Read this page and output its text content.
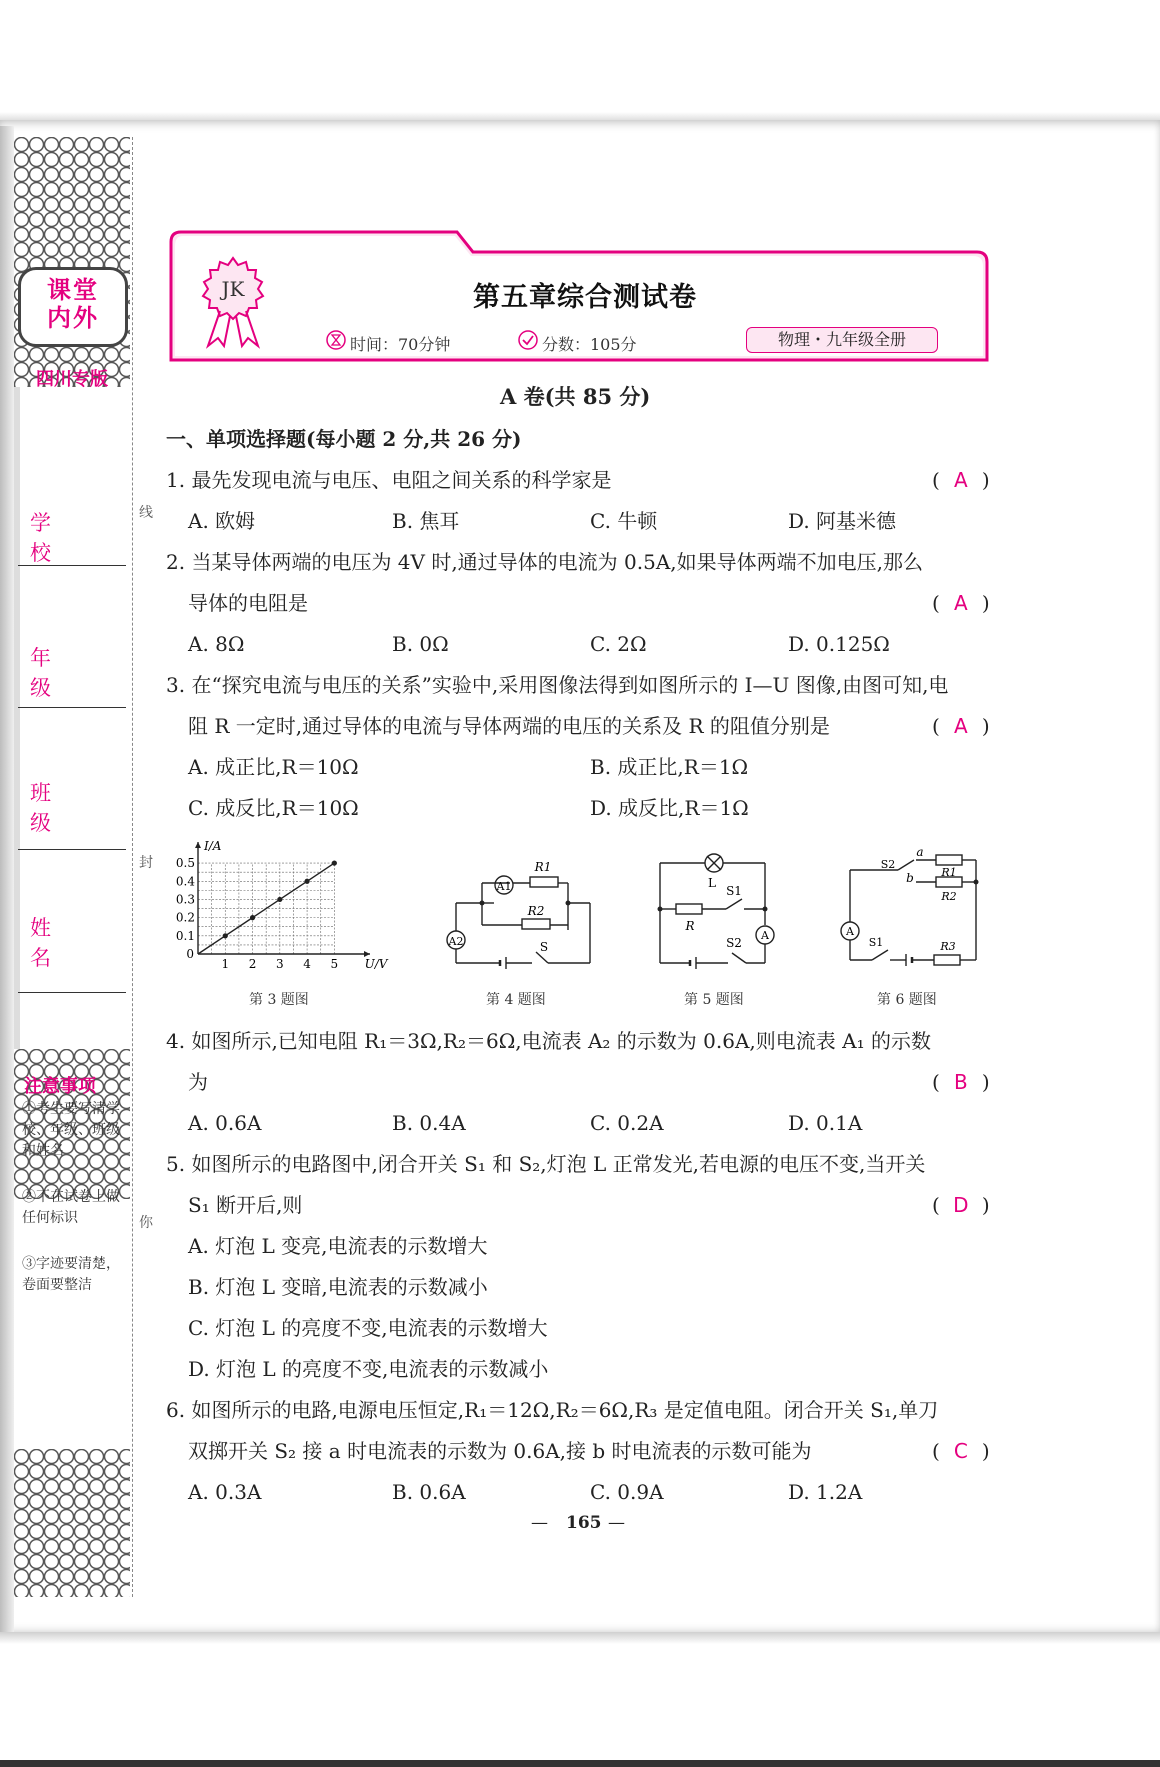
课堂
内外
四川专版
学 校
年 级
班 级
姓 名
注意事项
①考生要写清学校、年级、班级和姓名
②不在试卷上做任何标识
③字迹要清楚，卷面要整洁
线
封
你
JK	第五章综合测试卷
时间：70分钟	分数：105分	物理・九年级全册
A 卷(共 85 分)
一、单项选择题(每小题 2 分,共 26 分)
1. 最先发现电流与电压、电阻之间关系的科学家是	( A )
A. 欧姆	B. 焦耳	C. 牛顿	D. 阿基米德
2. 当某导体两端的电压为 4V 时,通过导体的电流为 0.5A,如果导体两端不加电压,那么
导体的电阻是	( A )
A. 8Ω	B. 0Ω	C. 2Ω	D. 0.125Ω
3. 在“探究电流与电压的关系”实验中,采用图像法得到如图所示的 I—U 图像,由图可知,电
阻 R 一定时,通过导体的电流与导体两端的电压的关系及 R 的阻值分别是	( A )
A. 成正比,R＝10Ω	B. 成正比,R＝1Ω
C. 成反比,R＝10Ω	D. 成反比,R＝1Ω
1 2 3 4 5
0.1
0.2
0.3
0.4
0.5
0
U/V
I/A
第 3 题图
A1
A2
R1
R2
S
第 4 题图
L
S1
R
S2
A
第 5 题图
S2
a
b	R1
R2
A
S1	R3
第 6 题图
4. 如图所示,已知电阻 R₁＝3Ω,R₂＝6Ω,电流表 A₂ 的示数为 0.6A,则电流表 A₁ 的示数
为	( B )
A. 0.6A	B. 0.4A	C. 0.2A	D. 0.1A
5. 如图所示的电路图中,闭合开关 S₁ 和 S₂,灯泡 L 正常发光,若电源的电压不变,当开关
S₁ 断开后,则	( D )
A. 灯泡 L 变亮,电流表的示数增大
B. 灯泡 L 变暗,电流表的示数减小
C. 灯泡 L 的亮度不变,电流表的示数增大
D. 灯泡 L 的亮度不变,电流表的示数减小
6. 如图所示的电路,电源电压恒定,R₁＝12Ω,R₂＝6Ω,R₃ 是定值电阻。闭合开关 S₁,单刀
双掷开关 S₂ 接 a 时电流表的示数为 0.6A,接 b 时电流表的示数可能为	( C )
A. 0.3A	B. 0.6A	C. 0.9A	D. 1.2A
— 165 —
